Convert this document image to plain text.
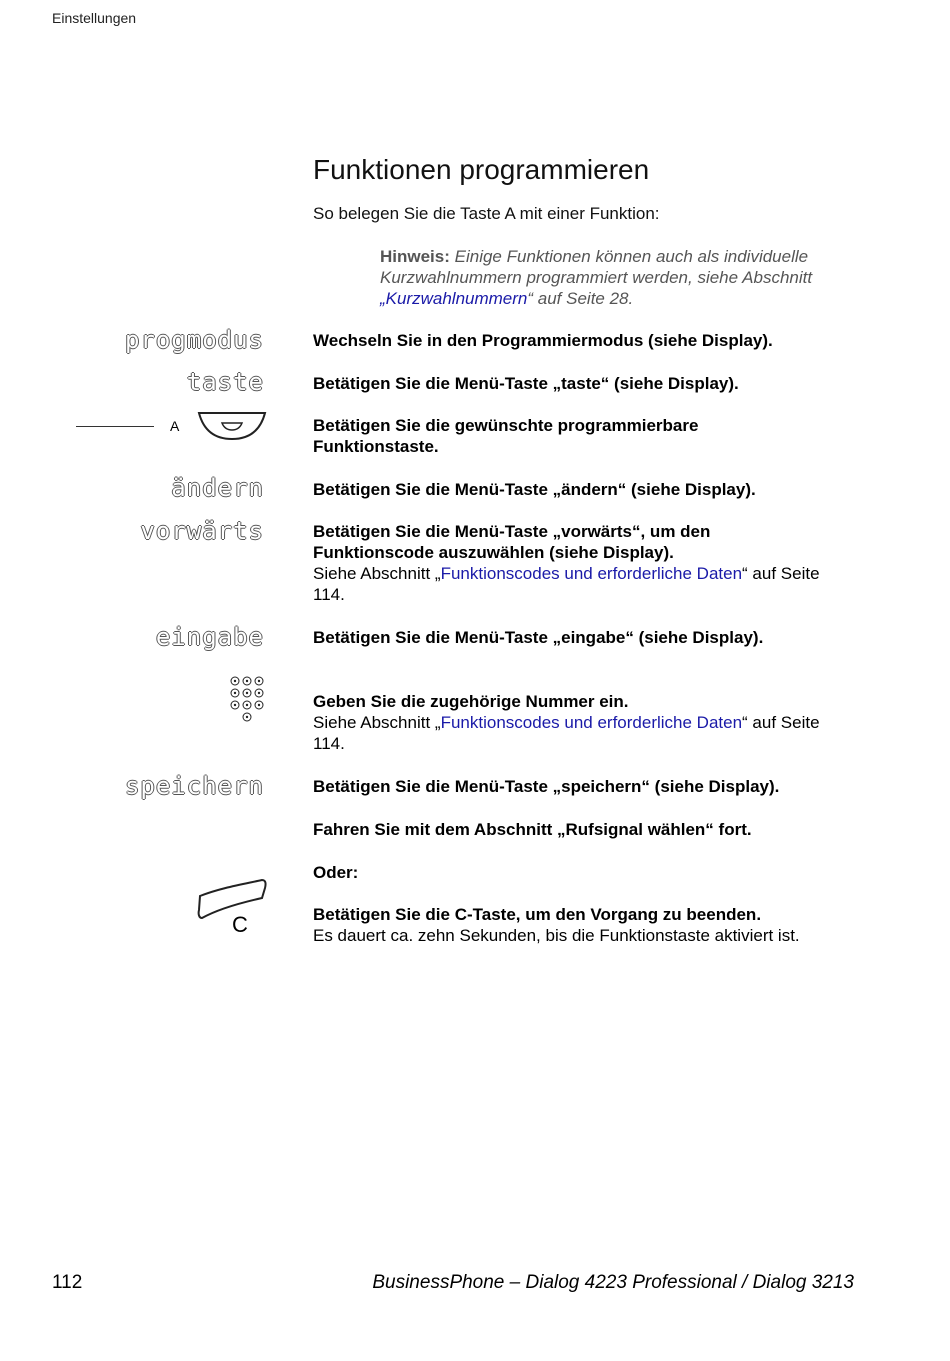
Einstellungen
Funktionen programmieren
So belegen Sie die Taste A mit einer Funktion:
Hinweis: Einige Funktionen können auch als individuelle Kurzwahlnummern programmiert werden, siehe Abschnitt „Kurzwahlnummern“ auf Seite 28.
progmodus
taste
ändern
vorwärts
eingabe
speichern
A
C
Wechseln Sie in den Programmiermodus (siehe Display).
Betätigen Sie die Menü-Taste „taste“ (siehe Display).
Betätigen Sie die gewünschte programmierbare Funktionstaste.
Betätigen Sie die Menü-Taste „ändern“ (siehe Display).
Betätigen Sie die Menü-Taste „vorwärts“, um den Funktionscode auszuwählen (siehe Display).
Siehe Abschnitt „Funktionscodes und erforderliche Daten“ auf Seite 114.
Betätigen Sie die Menü-Taste „eingabe“ (siehe Display).
Geben Sie die zugehörige Nummer ein.
Siehe Abschnitt „Funktionscodes und erforderliche Daten“ auf Seite 114.
Betätigen Sie die Menü-Taste „speichern“ (siehe Display).
Fahren Sie mit dem Abschnitt „Rufsignal wählen“ fort.
Oder:
Betätigen Sie die C-Taste, um den Vorgang zu beenden.
Es dauert ca. zehn Sekunden, bis die Funktionstaste aktiviert ist.
112	BusinessPhone – Dialog 4223 Professional / Dialog 3213
